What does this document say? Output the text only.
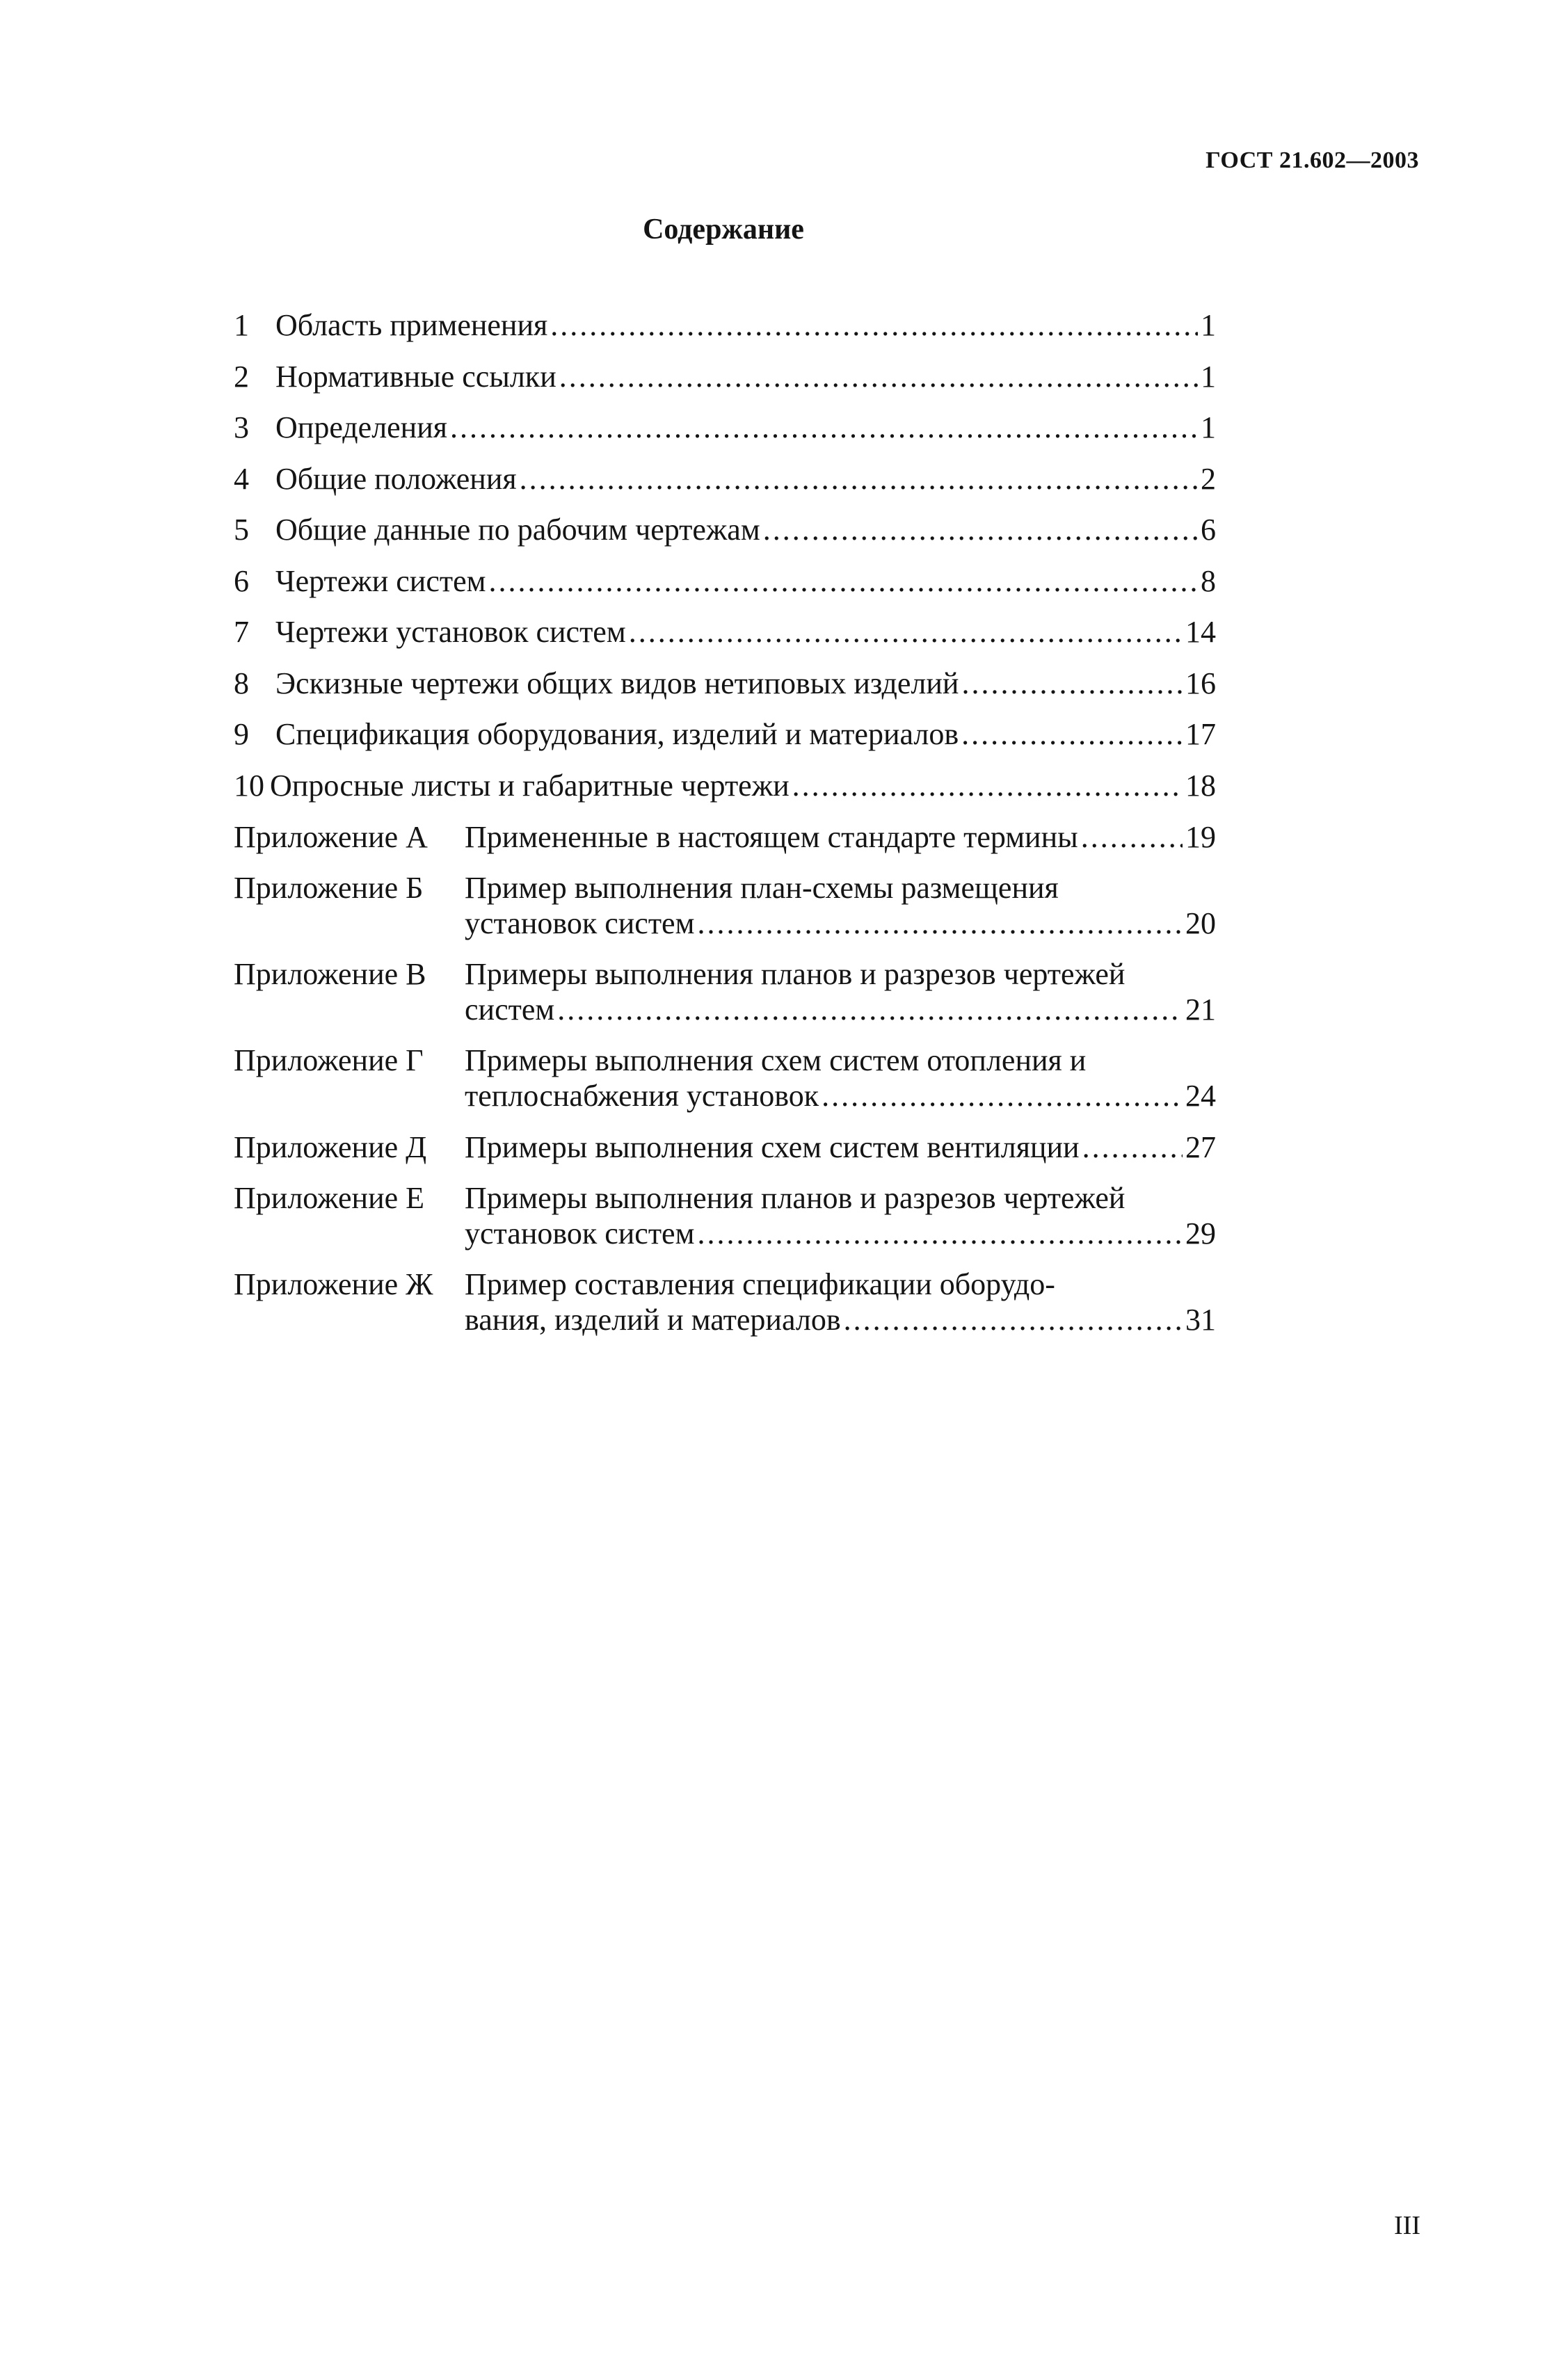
ГОСТ 21.602—2003
Содержание
1 Область применения . . .	1
2 Нормативные ссылки . . .	1
3 Определения . . .	1
4 Общие положения . . .	2
5 Общие данные по рабочим чертежам . . .	6
6 Чертежи систем . . .	8
7 Чертежи установок систем . . .	14
8 Эскизные чертежи общих видов нетиповых изделий . . .	16
9 Спецификация оборудования, изделий и материалов . . .	17
10 Опросные листы и габаритные чертежи . . .	18
Приложение А	Примененные в настоящем стандарте термины . . .	19
Приложение Б	Пример выполнения план-схемы размещения
установок систем . . .	20
Приложение В	Примеры выполнения планов и разрезов чертежей
систем . . .	21
Приложение Г	Примеры выполнения схем систем отопления и
теплоснабжения установок . . .	24
Приложение Д	Примеры выполнения схем систем вентиляции . . .	27
Приложение Е	Примеры выполнения планов и разрезов чертежей
установок систем . . .	29
Приложение Ж	Пример составления спецификации оборудо-
вания, изделий и материалов . . .	31
III
